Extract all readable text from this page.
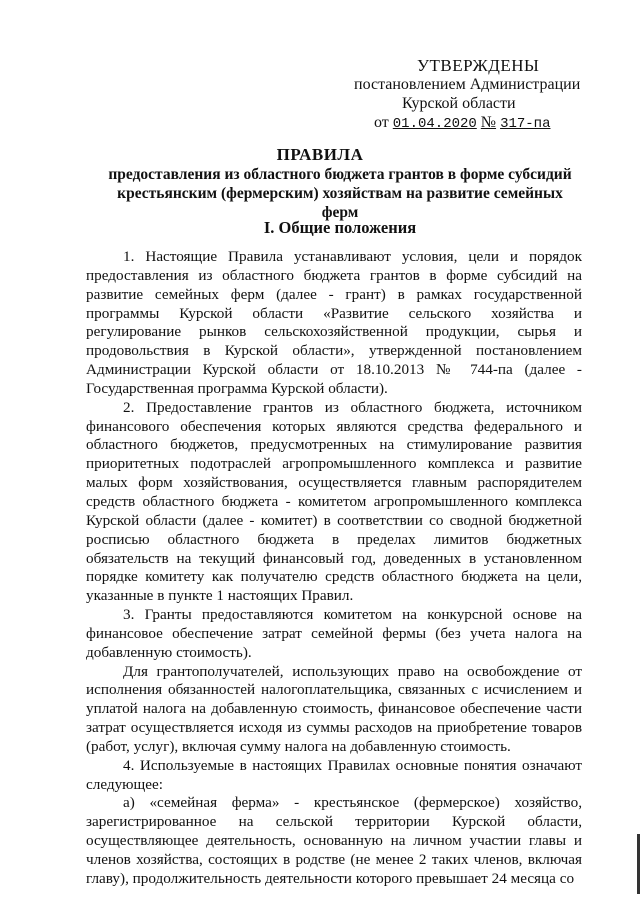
УТВЕРЖДЕНЫ
постановлением Администрации
Курской области
от 01.04.2020 № 317-па
ПРАВИЛА
предоставления из областного бюджета грантов в форме субсидий крестьянским (фермерским) хозяйствам на развитие семейных ферм
I. Общие положения

1. Настоящие Правила устанавливают условия, цели и порядок предоставления из областного бюджета грантов в форме субсидий на развитие семейных ферм (далее - грант) в рамках государственной программы Курской области «Развитие сельского хозяйства и регулирование рынков сельскохозяйственной продукции, сырья и продовольствия в Курской области», утвержденной постановлением Администрации Курской области от 18.10.2013 № 744-па (далее - Государственная программа Курской области).

2. Предоставление грантов из областного бюджета, источником финансового обеспечения которых являются средства федерального и областного бюджетов, предусмотренных на стимулирование развития приоритетных подотраслей агропромышленного комплекса и развитие малых форм хозяйствования, осуществляется главным распорядителем средств областного бюджета - комитетом агропромышленного комплекса Курской области (далее - комитет) в соответствии со сводной бюджетной росписью областного бюджета в пределах лимитов бюджетных обязательств на текущий финансовый год, доведенных в установленном порядке комитету как получателю средств областного бюджета на цели, указанные в пункте 1 настоящих Правил.

3. Гранты предоставляются комитетом на конкурсной основе на финансовое обеспечение затрат семейной фермы (без учета налога на добавленную стоимость).

Для грантополучателей, использующих право на освобождение от исполнения обязанностей налогоплательщика, связанных с исчислением и уплатой налога на добавленную стоимость, финансовое обеспечение части затрат осуществляется исходя из суммы расходов на приобретение товаров (работ, услуг), включая сумму налога на добавленную стоимость.

4. Используемые в настоящих Правилах основные понятия означают следующее:

а) «семейная ферма» - крестьянское (фермерское) хозяйство, зарегистрированное на сельской территории Курской области, осуществляющее деятельность, основанную на личном участии главы и членов хозяйства, состоящих в родстве (не менее 2 таких членов, включая главу), продолжительность деятельности которого превышает 24 месяца со
